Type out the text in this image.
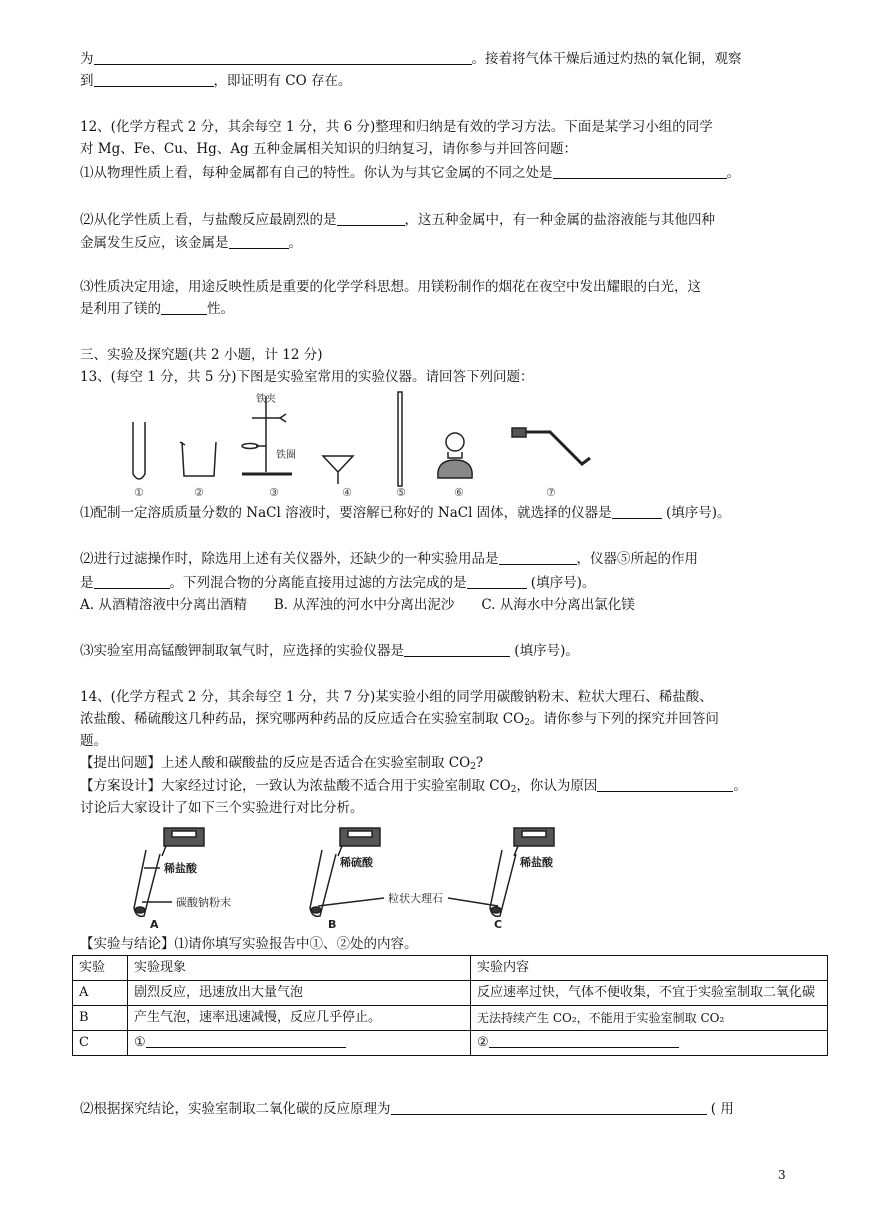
为	。接着将气体干燥后通过灼热的氧化铜，观察
到	，即证明有 CO 存在。
12、(化学方程式 2 分，其余每空 1 分，共 6 分)整理和归纳是有效的学习方法。下面是某学习小组的同学
对 Mg、Fe、Cu、Hg、Ag 五种金属相关知识的归纳复习，请你参与并回答问题：
⑴从物理性质上看，每种金属都有自己的特性。你认为与其它金属的不同之处是	。
⑵从化学性质上看，与盐酸反应最剧烈的是	，这五种金属中，有一种金属的盐溶液能与其他四种
金属发生反应，该金属是	。
⑶性质决定用途，用途反映性质是重要的化学学科思想。用镁粉制作的烟花在夜空中发出耀眼的白光，这
是利用了镁的	性。
三、实验及探究题(共 2 小题，计 12 分)
13、(每空 1 分，共 5 分)下图是实验室常用的实验仪器。请回答下列问题：
铁夹
铁圈
①	②	③	④	⑤	⑥	⑦
⑴配制一定溶质质量分数的 NaCl 溶液时，要溶解已称好的 NaCl 固体，就选择的仪器是	(填序号)。
⑵进行过滤操作时，除选用上述有关仪器外，还缺少的一种实验用品是	，仪器⑤所起的作用
是	。下列混合物的分离能直接用过滤的方法完成的是	(填序号)。
A. 从酒精溶液中分离出酒精　　B. 从浑浊的河水中分离出泥沙　　C. 从海水中分离出氯化镁
⑶实验室用高锰酸钾制取氧气时，应选择的实验仪器是	(填序号)。
14、(化学方程式 2 分，其余每空 1 分，共 7 分)某实验小组的同学用碳酸钠粉末、粒状大理石、稀盐酸、
浓盐酸、稀硫酸这几种药品，探究哪两种药品的反应适合在实验室制取 $CO_2$。请你参与下列的探究并回答问
题。
【提出问题】上述人酸和碳酸盐的反应是否适合在实验室制取 $CO_2$?
【方案设计】大家经过讨论，一致认为浓盐酸不适合用于实验室制取 $CO_2$，你认为原因	。
讨论后大家设计了如下三个实验进行对比分析。
稀盐酸
碳酸钠粉末
稀硫酸
粒状大理石
稀盐酸
A	B	C
【实验与结论】⑴请你填写实验报告中①、②处的内容。
实验	实验现象	实验内容
A	剧烈反应，迅速放出大量气泡	反应速率过快，气体不便收集，不宜于实验室制取二氧化碳
B	产生气泡，速率迅速减慢，反应几乎停止。	无法持续产生 CO₂，不能用于实验室制取 CO₂
C	①	②
⑵根据探究结论，实验室制取二氧化碳的反应原理为	( 用
3
